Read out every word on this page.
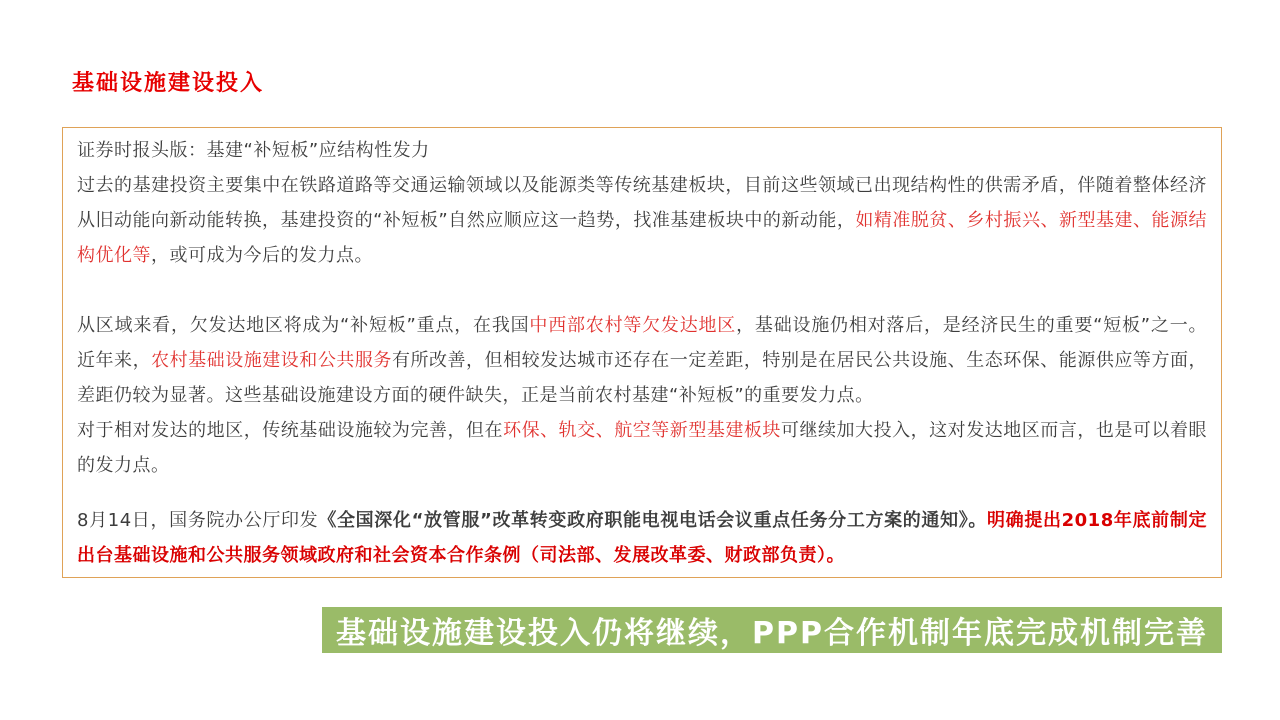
基础设施建设投入

证券时报头版：基建“补短板”应结构性发力

过去的基建投资主要集中在铁路道路等交通运输领域以及能源类等传统基建板块，目前这些领域已出现结构性的供需矛盾，伴随着整体经济从旧动能向新动能转换，基建投资的“补短板”自然应顺应这一趋势，找准基建板块中的新动能，如精准脱贫、乡村振兴、新型基建、能源结构优化等，或可成为今后的发力点。

从区域来看，欠发达地区将成为“补短板”重点，在我国中西部农村等欠发达地区，基础设施仍相对落后，是经济民生的重要“短板”之一。近年来，农村基础设施建设和公共服务有所改善，但相较发达城市还存在一定差距，特别是在居民公共设施、生态环保、能源供应等方面，差距仍较为显著。这些基础设施建设方面的硬件缺失，正是当前农村基建“补短板”的重要发力点。

对于相对发达的地区，传统基础设施较为完善，但在环保、轨交、航空等新型基建板块可继续加大投入，这对发达地区而言，也是可以着眼的发力点。

8月14日，国务院办公厅印发《全国深化“放管服”改革转变政府职能电视电话会议重点任务分工方案的通知》。明确提出2018年底前制定出台基础设施和公共服务领域政府和社会资本合作条例（司法部、发展改革委、财政部负责）。

基础设施建设投入仍将继续，PPP合作机制年底完成机制完善
